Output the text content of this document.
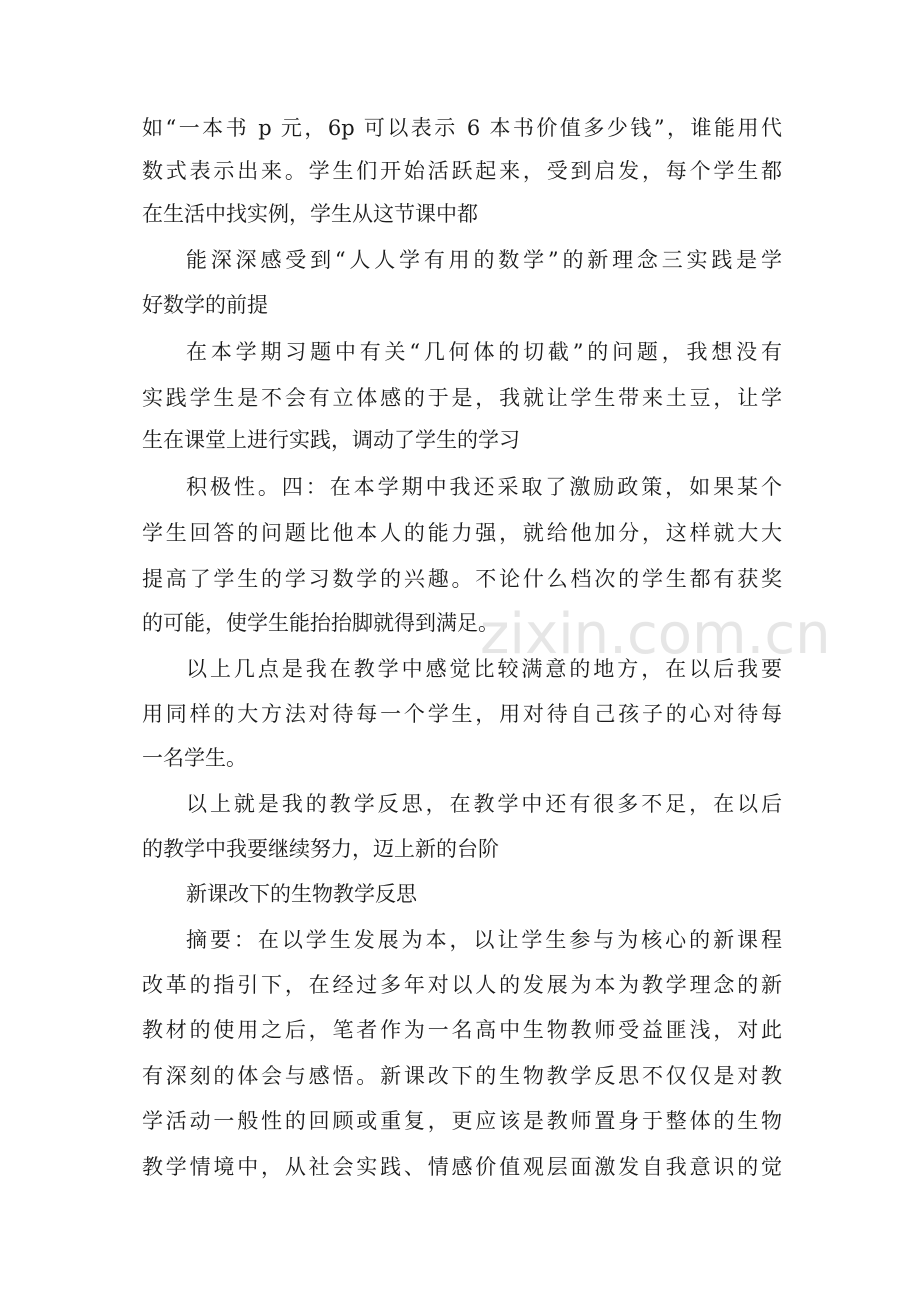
如“一本书 p 元，6p 可以表示 6 本书价值多少钱”，谁能用代
数式表示出来。学生们开始活跃起来，受到启发，每个学生都
在生活中找实例，学生从这节课中都
能深深感受到“人人学有用的数学”的新理念三实践是学
好数学的前提
在本学期习题中有关“几何体的切截”的问题，我想没有
实践学生是不会有立体感的于是，我就让学生带来土豆，让学
生在课堂上进行实践，调动了学生的学习
积极性。四：在本学期中我还采取了激励政策，如果某个
学生回答的问题比他本人的能力强，就给他加分，这样就大大
提高了学生的学习数学的兴趣。不论什么档次的学生都有获奖
的可能，使学生能抬抬脚就得到满足。
以上几点是我在教学中感觉比较满意的地方，在以后我要
用同样的大方法对待每一个学生，用对待自己孩子的心对待每
一名学生。
以上就是我的教学反思，在教学中还有很多不足，在以后
的教学中我要继续努力，迈上新的台阶
新课改下的生物教学反思
摘要：在以学生发展为本，以让学生参与为核心的新课程
改革的指引下，在经过多年对以人的发展为本为教学理念的新
教材的使用之后，笔者作为一名高中生物教师受益匪浅，对此
有深刻的体会与感悟。新课改下的生物教学反思不仅仅是对教
学活动一般性的回顾或重复，更应该是教师置身于整体的生物
教学情境中，从社会实践、情感价值观层面激发自我意识的觉
zixin.com.cn
